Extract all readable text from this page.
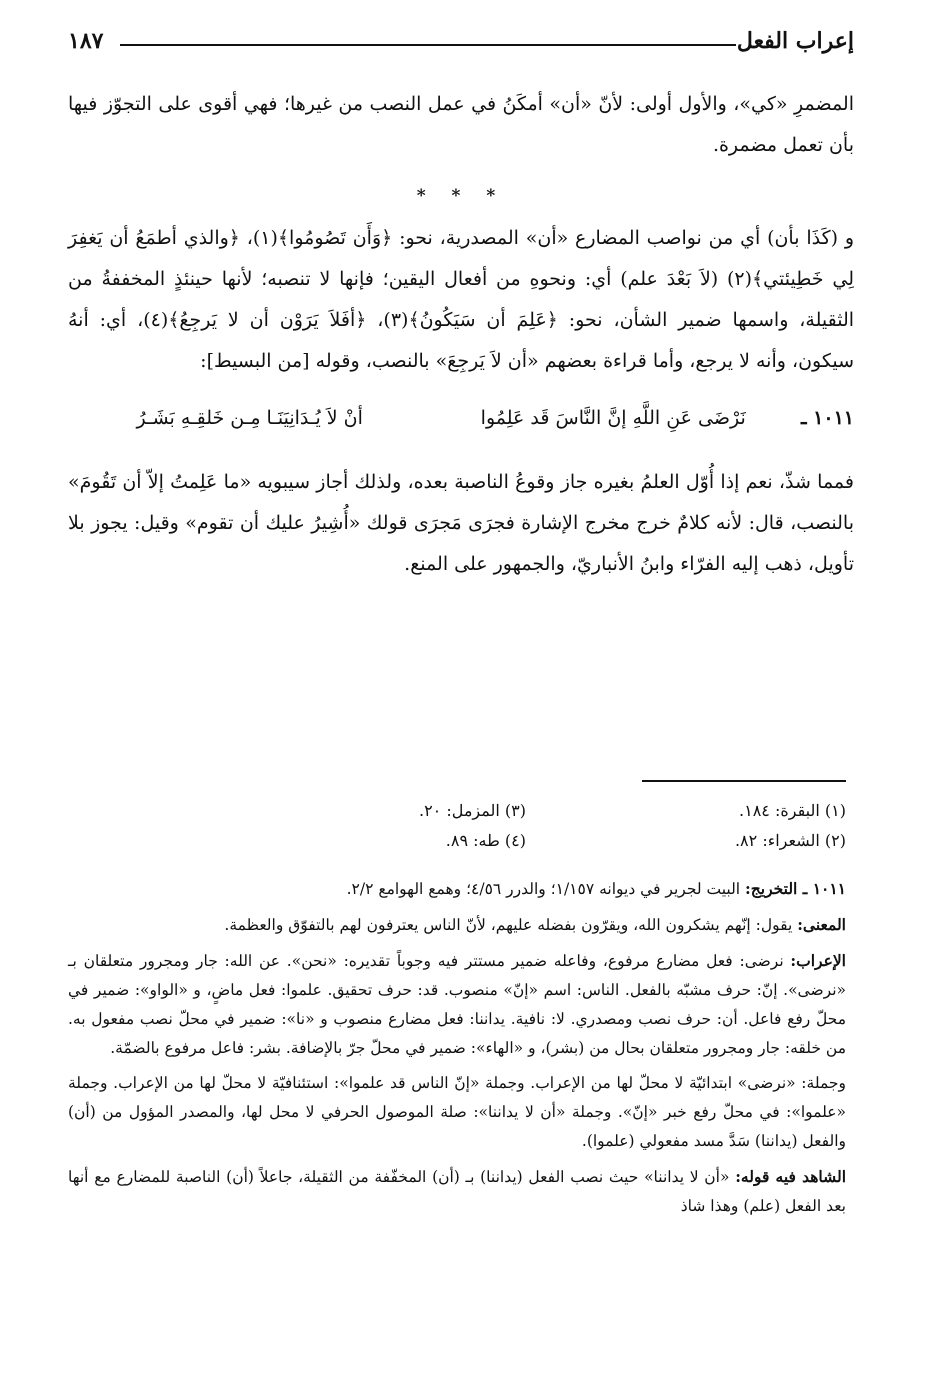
إعراب الفعل
١٨٧

المضمرِ «كي»، والأول أولى: لأنّ «أن» أمكَنُ في عمل النصب من غيرها؛ فهي أقوى على التجوّز فيها بأن تعمل مضمرة.

* * *

و (كَذَا بأن) أي من نواصب المضارع «أن» المصدرية، نحو: ﴿وَأَن تَصُومُوا﴾(١)، ﴿والذي أطمَعُ أن يَغفِرَ لِي خَطِيئتي﴾(٢) (لاَ بَعْدَ علم) أي: ونحوهِ من أفعال اليقين؛ فإنها لا تنصبه؛ لأنها حينئذٍ المخففةُ من الثقيلة، واسمها ضمير الشأن، نحو: ﴿عَلِمَ أن سَيَكُونُ﴾(٣)، ﴿أفَلاَ يَرَوْن أن لا يَرجِعُ﴾(٤)، أي: أنهُ سيكون، وأنه لا يرجع، وأما قراءة بعضهم «أن لاَ يَرجِعَ» بالنصب، وقوله [من البسيط]:

١٠١١ ـ
نَرْضَى عَنِ اللَّهِ إنَّ النَّاسَ قَد عَلِمُوا
أنْ لاَ يُـدَانِيَنَـا مِـن خَلقِـهِ بَشَـرُ

فمما شذّ، نعم إذا أُوّل العلمُ بغيره جاز وقوعُ الناصبة بعده، ولذلك أجاز سيبويه «ما عَلِمتُ إلاّ أن تَقُومَ» بالنصب، قال: لأنه كلامٌ خرج مخرج الإشارة فجرَى مَجرَى قولك «أُشِيرُ عليك أن تقوم» وقيل: يجوز بلا تأويل، ذهب إليه الفرّاء وابنُ الأنباريّ، والجمهور على المنع.

(١) البقرة: ١٨٤.
(٢) الشعراء: ٨٢.
(٣) المزمل: ٢٠.
(٤) طه: ٨٩.

١٠١١ ـ التخريج: البيت لجرير في ديوانه ١/١٥٧؛ والدرر ٤/٥٦؛ وهمع الهوامع ٢/٢.

المعنى: يقول: إنّهم يشكرون الله، ويقرّون بفضله عليهم، لأنّ الناس يعترفون لهم بالتفوّق والعظمة.

الإعراب: نرضى: فعل مضارع مرفوع، وفاعله ضمير مستتر فيه وجوباً تقديره: «نحن». عن الله: جار ومجرور متعلقان بـ «نرضى». إنّ: حرف مشبّه بالفعل. الناس: اسم «إنّ» منصوب. قد: حرف تحقيق. علموا: فعل ماضٍ، و «الواو»: ضمير في محلّ رفع فاعل. أن: حرف نصب ومصدري. لا: نافية. يداننا: فعل مضارع منصوب و «نا»: ضمير في محلّ نصب مفعول به. من خلقه: جار ومجرور متعلقان بحال من (بشر)، و «الهاء»: ضمير في محلّ جرّ بالإضافة. بشر: فاعل مرفوع بالضمّة.

وجملة: «نرضى» ابتدائيّة لا محلّ لها من الإعراب. وجملة «إنّ الناس قد علموا»: استئنافيّة لا محلّ لها من الإعراب. وجملة «علموا»: في محلّ رفع خبر «إنّ». وجملة «أن لا يداننا»: صلة الموصول الحرفي لا محل لها، والمصدر المؤول من (أن) والفعل (يداننا) سَدَّ مسد مفعولي (علموا).

الشاهد فيه قوله: «أن لا يداننا» حيث نصب الفعل (يداننا) بـ (أن) المخفّفة من الثقيلة، جاعلاً (أن) الناصبة للمضارع مع أنها بعد الفعل (علم) وهذا شاذ
